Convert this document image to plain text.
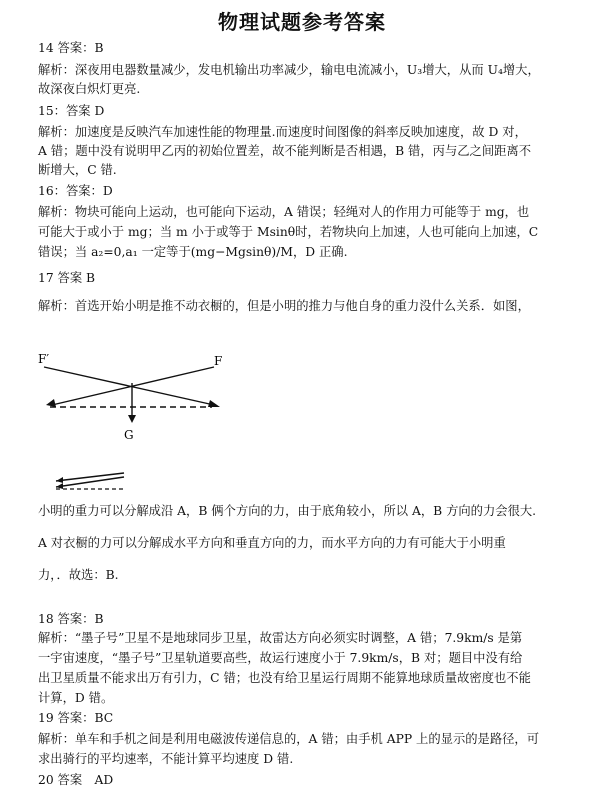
物理试题参考答案
14 答案：B
解析：深夜用电器数量减少，发电机输出功率减少，输电电流减小，U₃增大，从而 U₄增大，
故深夜白炽灯更亮.
15：答案 D
解析：加速度是反映汽车加速性能的物理量.而速度时间图像的斜率反映加速度，故 D 对，
A 错；题中没有说明甲乙丙的初始位置差，故不能判断是否相遇，B 错，丙与乙之间距离不
断增大，C 错.
16：答案：D
解析：物块可能向上运动，也可能向下运动，A 错误；轻绳对人的作用力可能等于 mg，也
可能大于或小于 mg；当 m 小于或等于 Msinθ时，若物块向上加速，人也可能向上加速，C
错误；当 a₂=0,a₁ 一定等于(mg−Mgsinθ)/M，D 正确.
17 答案 B
解析：首选开始小明是推不动衣橱的，但是小明的推力与他自身的重力没什么关系．如图，
F′	F
G
小明的重力可以分解成沿 A，B 俩个方向的力，由于底角较小，所以 A，B 方向的力会很大.
A 对衣橱的力可以分解成水平方向和垂直方向的力，而水平方向的力有可能大于小明重
力，．故选：B.
18 答案：B
解析：“墨子号”卫星不是地球同步卫星，故雷达方向必须实时调整，A 错；7.9km/s 是第
一宇宙速度，“墨子号”卫星轨道要高些，故运行速度小于 7.9km/s，B 对；题目中没有给
出卫星质量不能求出万有引力，C 错；也没有给卫星运行周期不能算地球质量故密度也不能
计算，D 错。
19 答案：BC
解析：单车和手机之间是利用电磁波传递信息的，A 错；由手机 APP 上的显示的是路径，可
求出骑行的平均速率，不能计算平均速度 D 错.
20 答案　AD
